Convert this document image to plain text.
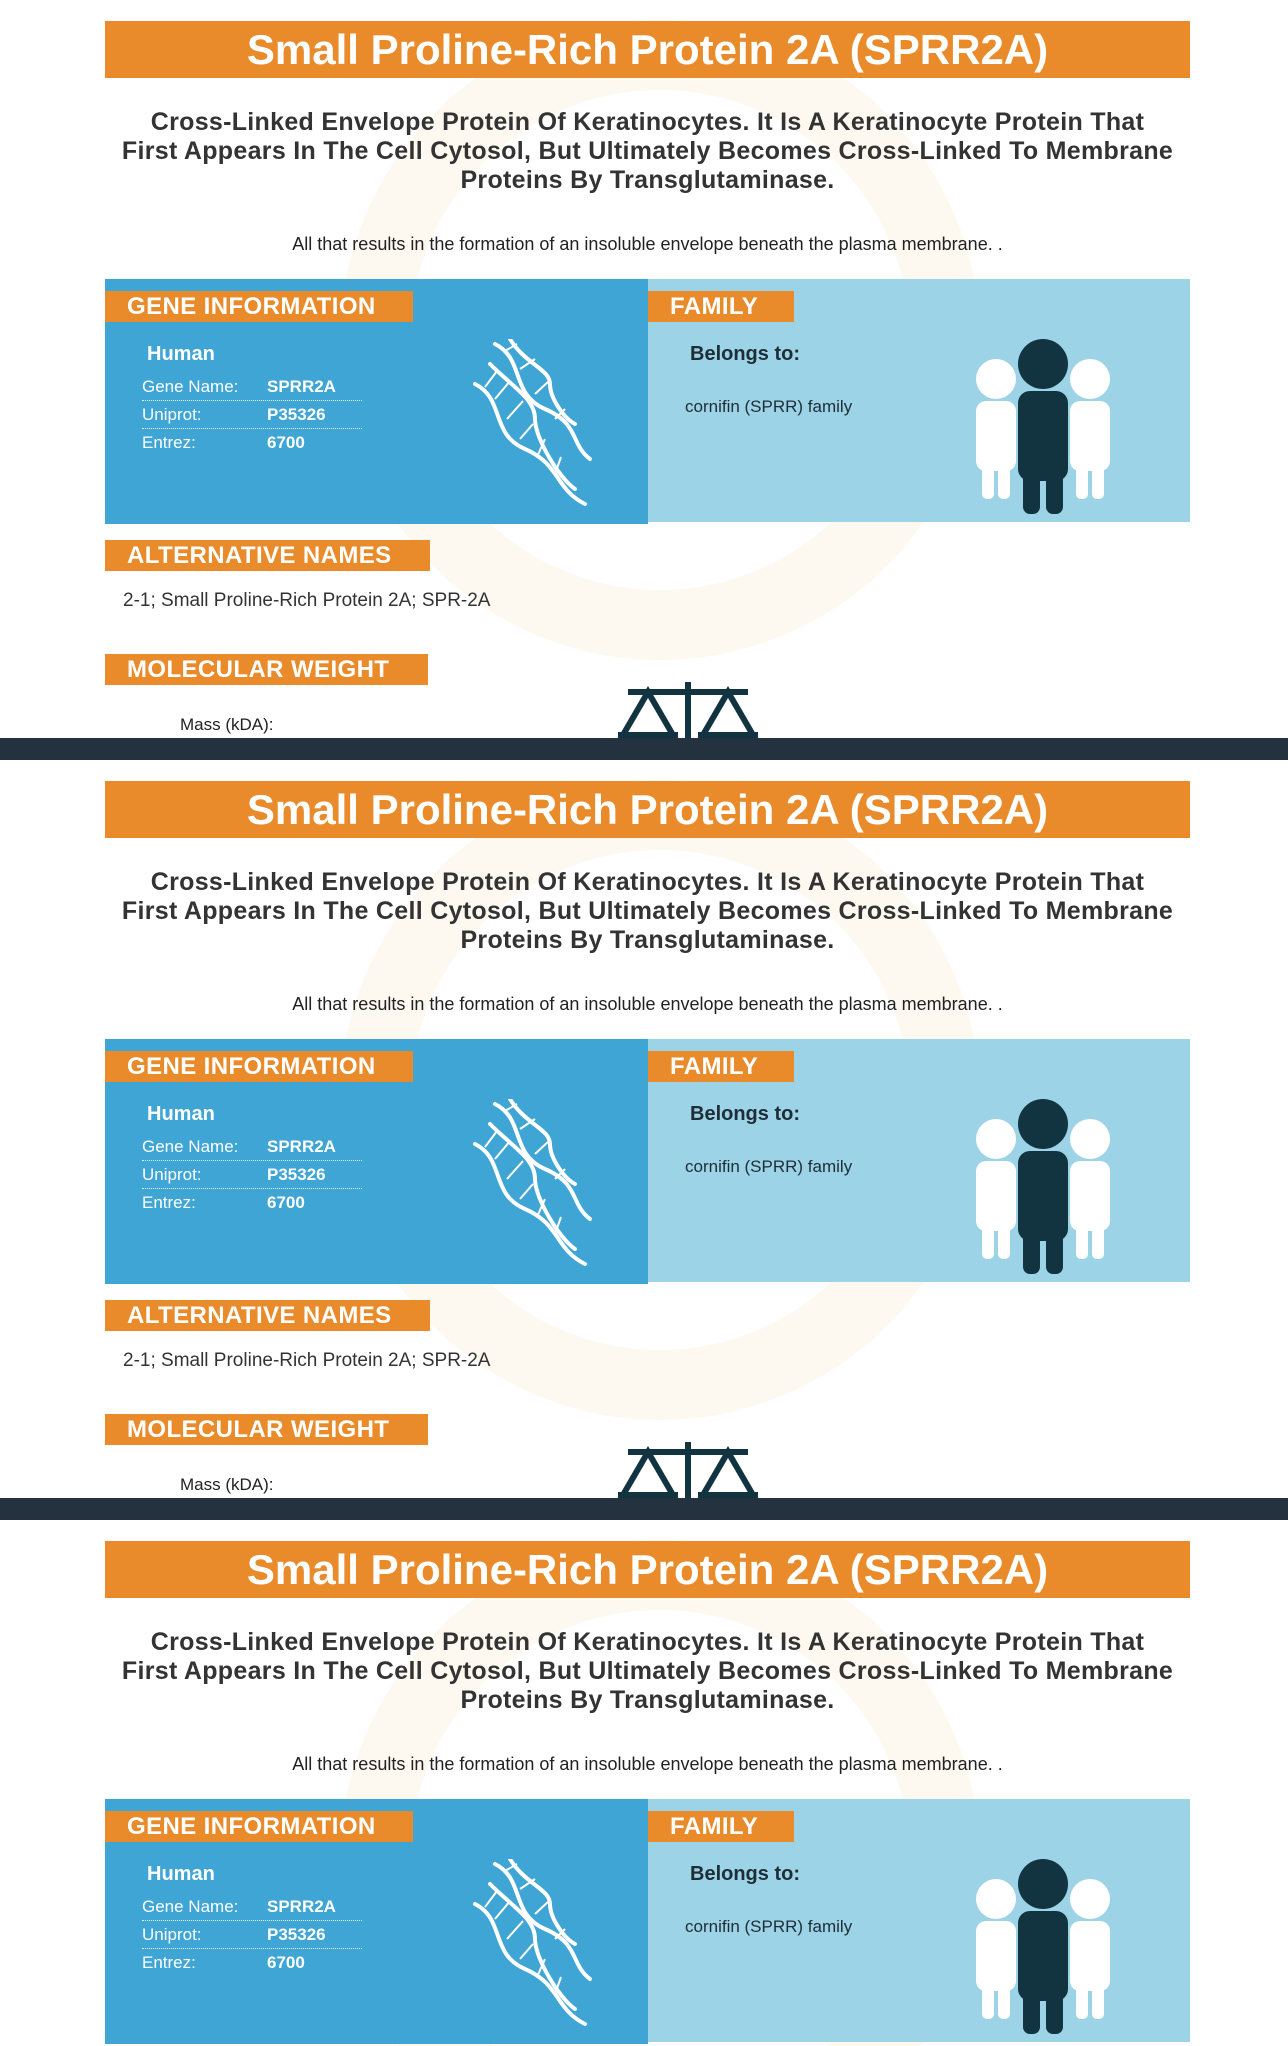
Small Proline-Rich Protein 2A (SPRR2A)
Cross-Linked Envelope Protein Of Keratinocytes. It Is A Keratinocyte Protein That First Appears In The Cell Cytosol, But Ultimately Becomes Cross-Linked To Membrane Proteins By Transglutaminase.
All that results in the formation of an insoluble envelope beneath the plasma membrane. .
GENE INFORMATION
Human
Gene Name:	SPRR2A
Uniprot:	P35326
Entrez:	6700
FAMILY
Belongs to:
cornifin (SPRR) family
ALTERNATIVE NAMES
2-1; Small Proline-Rich Protein 2A; SPR-2A
MOLECULAR WEIGHT
Mass (kDA):
Small Proline-Rich Protein 2A (SPRR2A)
Cross-Linked Envelope Protein Of Keratinocytes. It Is A Keratinocyte Protein That First Appears In The Cell Cytosol, But Ultimately Becomes Cross-Linked To Membrane Proteins By Transglutaminase.
All that results in the formation of an insoluble envelope beneath the plasma membrane. .
GENE INFORMATION
Human
Gene Name:	SPRR2A
Uniprot:	P35326
Entrez:	6700
FAMILY
Belongs to:
cornifin (SPRR) family
ALTERNATIVE NAMES
2-1; Small Proline-Rich Protein 2A; SPR-2A
MOLECULAR WEIGHT
Mass (kDA):
Small Proline-Rich Protein 2A (SPRR2A)
Cross-Linked Envelope Protein Of Keratinocytes. It Is A Keratinocyte Protein That First Appears In The Cell Cytosol, But Ultimately Becomes Cross-Linked To Membrane Proteins By Transglutaminase.
All that results in the formation of an insoluble envelope beneath the plasma membrane. .
GENE INFORMATION
Human
Gene Name:	SPRR2A
Uniprot:	P35326
Entrez:	6700
FAMILY
Belongs to:
cornifin (SPRR) family
